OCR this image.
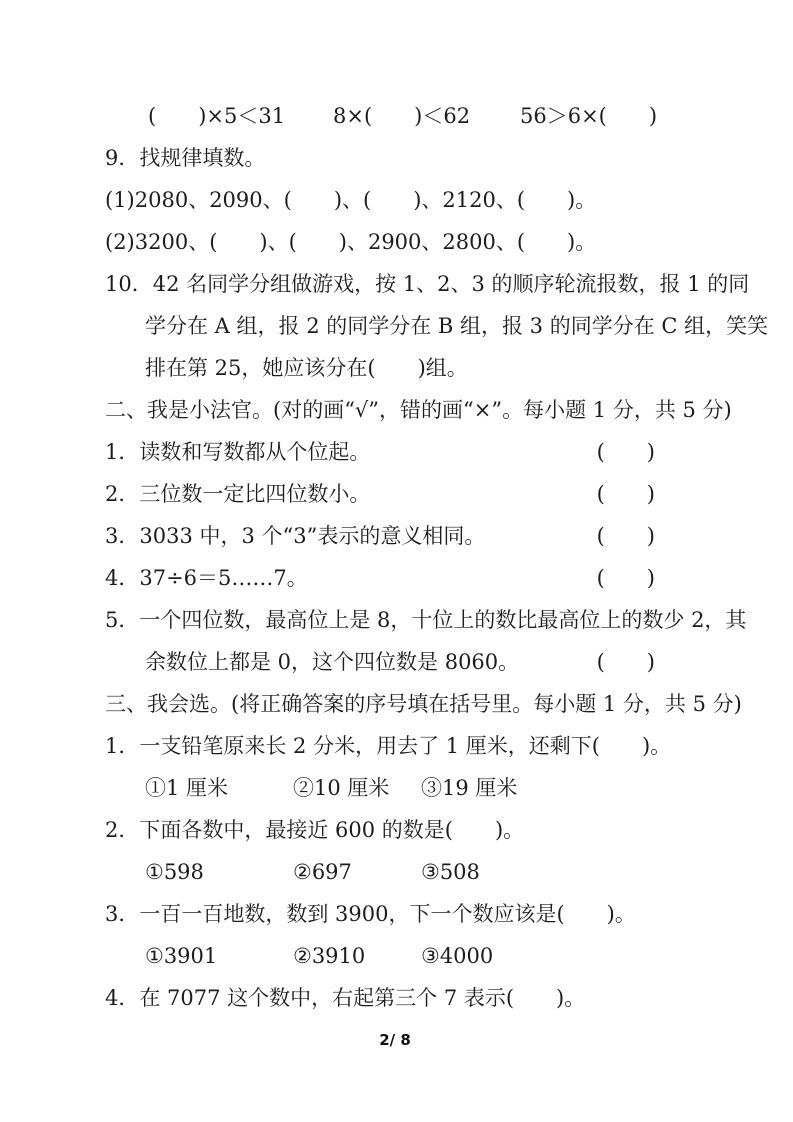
(　　)×5＜31

8×(　　)＜62

56＞6×(　　)

9．找规律填数。
(1)2080、2090、(　　)、(　　)、2120、(　　)。
(2)3200、(　　)、(　　)、2900、2800、(　　)。
10．42 名同学分组做游戏，按 1、2、3 的顺序轮流报数，报 1 的同
学分在 A 组，报 2 的同学分在 B 组，报 3 的同学分在 C 组，笑笑
排在第 25，她应该分在(　　)组。
二、我是小法官。(对的画“√”，错的画“×”。每小题 1 分，共 5 分)
1．读数和写数都从个位起。	(　　)
2．三位数一定比四位数小。	(　　)
3．3033 中，3 个“3”表示的意义相同。	(　　)
4．37÷6＝5……7。	(　　)
5．一个四位数，最高位上是 8，十位上的数比最高位上的数少 2，其
余数位上都是 0，这个四位数是 8060。	(　　)
三、我会选。(将正确答案的序号填在括号里。每小题 1 分，共 5 分)
1．一支铅笔原来长 2 分米，用去了 1 厘米，还剩下(　　)。
①1 厘米	②10 厘米	③19 厘米
2．下面各数中，最接近 600 的数是(　　)。
①598	②697	③508
3．一百一百地数，数到 3900，下一个数应该是(　　)。
①3901	②3910	③4000
4．在 7077 这个数中，右起第三个 7 表示(　　)。
2/ 8
